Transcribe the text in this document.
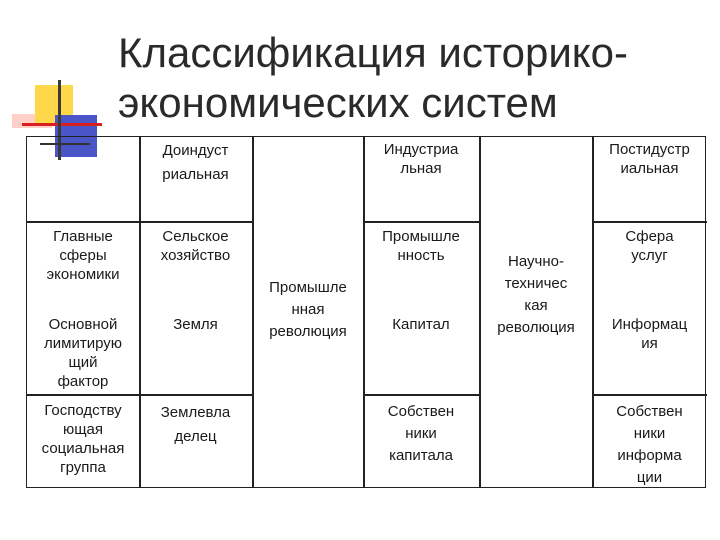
Классификация историко-
экономических систем
Доиндуст
риальная
Индустриа
льная
Постидустр
иальная
Главные
сферы
экономики
Сельское
хозяйство
Промышле
нность
Сфера
услуг
Основной
лимитирую
щий
фактор
Земля	Капитал	Информац
ия
Господству
ющая
социальная
группа
Землевла
делец
Собствен
ники
капитала
Собствен
ники
информа
ции
Промышле
нная
революция
Научно-
техничес
кая
революция
